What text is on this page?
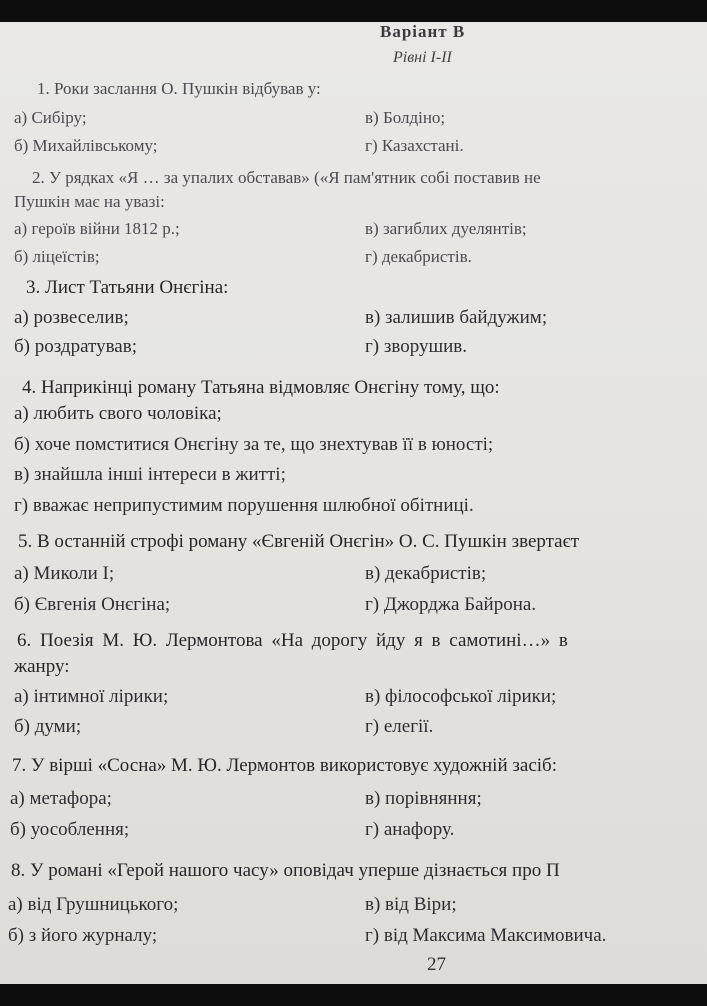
Варіант В
Рівні I-II
1. Роки заслання О. Пушкін відбував у:
а) Сибіру;	в) Болдіно;
б) Михайлівському;	г) Казахстані.
2. У рядках «Я … за упалих обставав» («Я пам'ятник собі поставив не
Пушкін має на увазі:
а) героїв війни 1812 р.;	в) загиблих дуелянтів;
б) ліцеїстів;	г) декабристів.
3. Лист Татьяни Онєгіна:
а) розвеселив;	в) залишив байдужим;
б) роздратував;	г) зворушив.
4. Наприкінці роману Татьяна відмовляє Онєгіну тому, що:
а) любить свого чоловіка;
б) хоче помститися Онєгіну за те, що знехтував її в юності;
в) знайшла інші інтереси в житті;
г) вважає неприпустимим порушення шлюбної обітниці.
5. В останній строфі роману «Євгеній Онєгін» О. С. Пушкін звертаєт
а) Миколи І;	в) декабристів;
б) Євгенія Онєгіна;	г) Джорджа Байрона.
6. Поезія М. Ю. Лермонтова «На дорогу йду я в самотині…» в
жанру:
а) інтимної лірики;	в) філософської лірики;
б) думи;	г) елегії.
7. У вірші «Сосна» М. Ю. Лермонтов використовує художній засіб:
а) метафора;	в) порівняння;
б) уособлення;	г) анафору.
8. У романі «Герой нашого часу» оповідач уперше дізнається про П
а) від Грушницького;	в) від Віри;
б) з його журналу;	г) від Максима Максимовича.
27
